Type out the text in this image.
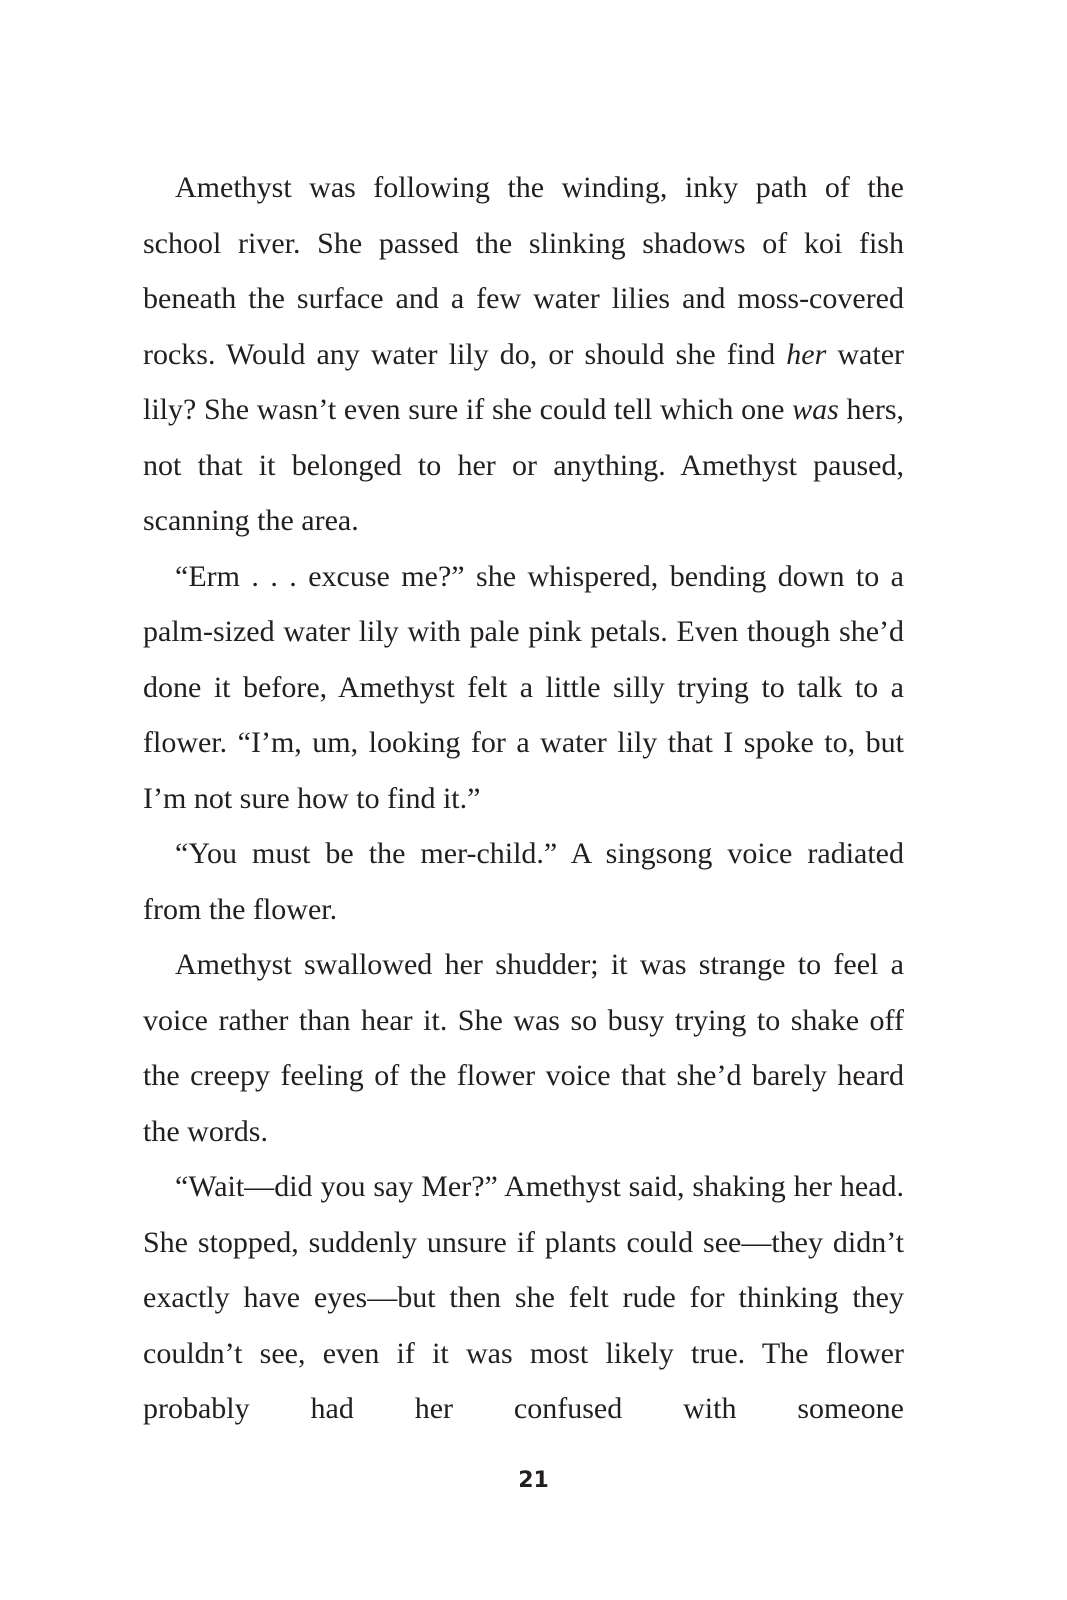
Amethyst was following the winding, inky path of the school river. She passed the slinking shadows of koi fish beneath the surface and a few water lilies and moss-covered rocks. Would any water lily do, or should she find her water lily? She wasn’t even sure if she could tell which one was hers, not that it belonged to her or anything. Amethyst paused, scanning the area.

“Erm . . . excuse me?” she whispered, bending down to a palm-sized water lily with pale pink petals. Even though she’d done it before, Amethyst felt a little silly trying to talk to a flower. “I’m, um, looking for a water lily that I spoke to, but I’m not sure how to find it.”

“You must be the mer-child.” A singsong voice radiated from the flower.

Amethyst swallowed her shudder; it was strange to feel a voice rather than hear it. She was so busy trying to shake off the creepy feeling of the flower voice that she’d barely heard the words.

“Wait—did you say Mer?” Amethyst said, shaking her head. She stopped, suddenly unsure if plants could see—they didn’t exactly have eyes—but then she felt rude for thinking they couldn’t see, even if it was most likely true. The flower probably had her confused with someone

21
